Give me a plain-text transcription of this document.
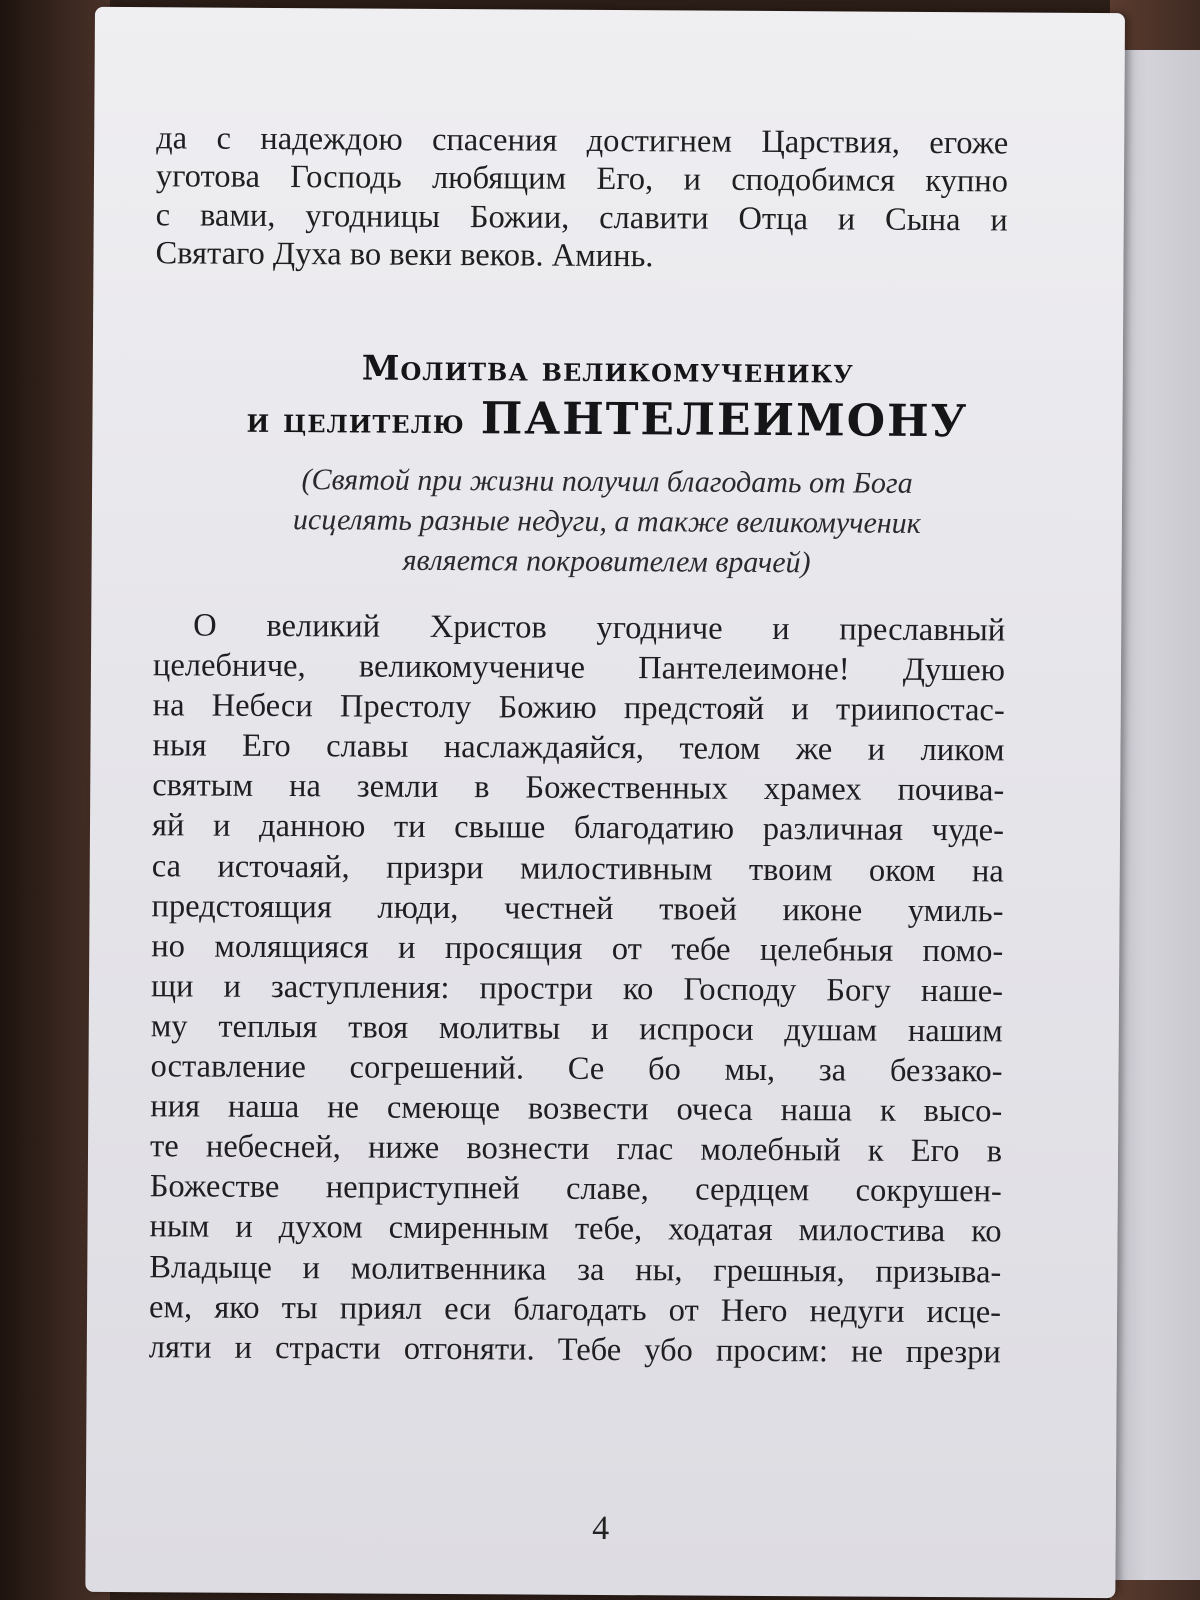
да с надеждою спасения достигнем Царствия, егоже
уготова Господь любящим Его, и сподобимся купно
с вами, угодницы Божии, славити Отца и Сына и
Святаго Духа во веки веков. Аминь.
Молитва великомученику
и целителю ПАНТЕЛЕИМОНУ
(Святой при жизни получил благодать от Бога
исцелять разные недуги, а также великомученик
является покровителем врачей)
О великий Христов угодниче и преславный
целебниче, великомучениче Пантелеимоне! Душею
на Небеси Престолу Божию предстояй и триипостас-
ныя Его славы наслаждаяйся, телом же и ликом
святым на земли в Божественных храмех почива-
яй и данною ти свыше благодатию различная чуде-
са источаяй, призри милостивным твоим оком на
предстоящия люди, честней твоей иконе умиль-
но молящияся и просящия от тебе целебныя помо-
щи и заступления: простри ко Господу Богу наше-
му теплыя твоя молитвы и испроси душам нашим
оставление согрешений. Се бо мы, за беззако-
ния наша не смеюще возвести очеса наша к высо-
те небесней, ниже вознести глас молебный к Его в
Божестве неприступней славе, сердцем сокрушен-
ным и духом смиренным тебе, ходатая милостива ко
Владыце и молитвенника за ны, грешныя, призыва-
ем, яко ты приял еси благодать от Него недуги исце-
ляти и страсти отгоняти. Тебе убо просим: не презри
4
